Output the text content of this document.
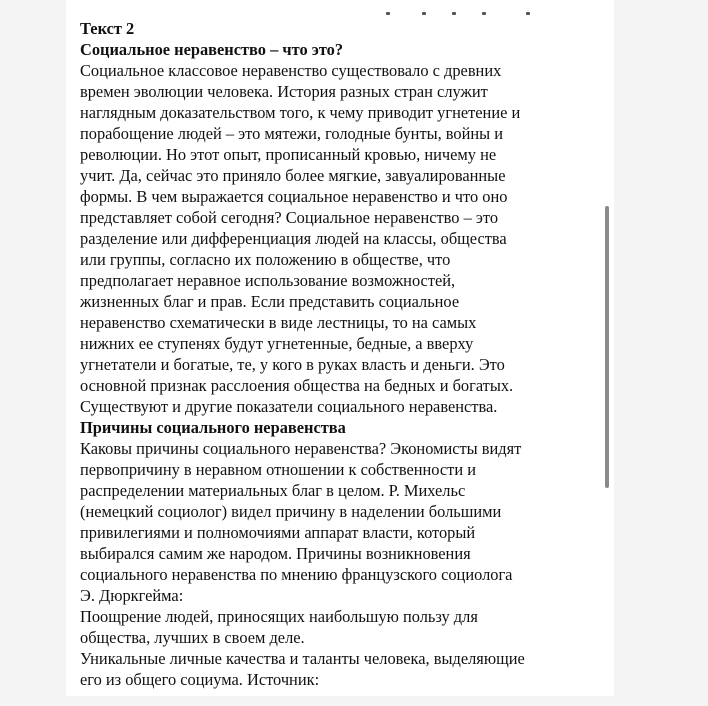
Текст 2
Социальное неравенство – что это?
Социальное классовое неравенство существовало с древних
времен эволюции человека. История разных стран служит
наглядным доказательством того, к чему приводит угнетение и
порабощение людей – это мятежи, голодные бунты, войны и
революции. Но этот опыт, прописанный кровью, ничему не
учит. Да, сейчас это приняло более мягкие, завуалированные
формы. В чем выражается социальное неравенство и что оно
представляет собой сегодня? Социальное неравенство – это
разделение или дифференциация людей на классы, общества
или группы, согласно их положению в обществе, что
предполагает неравное использование возможностей,
жизненных благ и прав. Если представить социальное
неравенство схематически в виде лестницы, то на самых
нижних ее ступенях будут угнетенные, бедные, а вверху
угнетатели и богатые, те, у кого в руках власть и деньги. Это
основной признак расслоения общества на бедных и богатых.
Существуют и другие показатели социального неравенства.
Причины социального неравенства
Каковы причины социального неравенства? Экономисты видят
первопричину в неравном отношении к собственности и
распределении материальных благ в целом. Р. Михельс
(немецкий социолог) видел причину в наделении большими
привилегиями и полномочиями аппарат власти, который
выбирался самим же народом. Причины возникновения
социального неравенства по мнению французского социолога
Э. Дюркгейма:
Поощрение людей, приносящих наибольшую пользу для
общества, лучших в своем деле.
Уникальные личные качества и таланты человека, выделяющие
его из общего социума. Источник:
